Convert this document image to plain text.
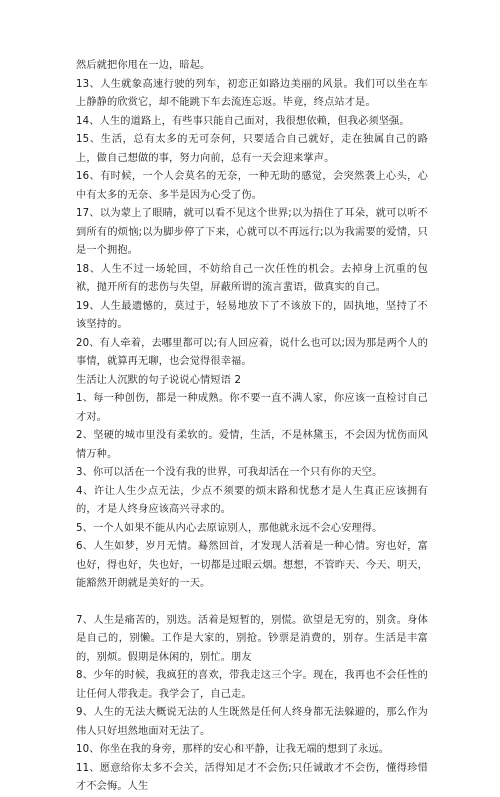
然后就把你甩在一边，暗起。

13、人生就象高速行驶的列车，初恋正如路边美丽的风景。我们可以坐在车上静静的欣赏它，却不能跳下车去流连忘返。毕竟，终点站才是。

14、人生的道路上，有些事只能自己面对，我很想依赖，但我必须坚强。

15、生活，总有太多的无可奈何，只要适合自己就好，走在独属自己的路上，做自己想做的事，努力向前，总有一天会迎来掌声。

16、有时候，一个人会莫名的无奈，一种无助的感觉，会突然袭上心头，心中有太多的无奈、多半是因为心受了伤。

17、以为蒙上了眼睛，就可以看不见这个世界;以为捂住了耳朵，就可以听不到所有的烦恼;以为脚步停了下来，心就可以不再远行;以为我需要的爱情，只是一个拥抱。

18、人生不过一场轮回，不妨给自己一次任性的机会。去掉身上沉重的包袱，抛开所有的悲伤与失望，屏蔽所谓的流言蜚语，做真实的自己。

19、人生最遗憾的，莫过于，轻易地放下了不该放下的，固执地，坚持了不该坚持的。

20、有人牵着，去哪里都可以;有人回应着，说什么也可以;因为那是两个人的事情，就算再无聊，也会觉得很幸福。

生活让人沉默的句子说说心情短语 2

1、每一种创伤，都是一种成熟。你不要一直不满人家，你应该一直检讨自己才对。

2、坚硬的城市里没有柔软的。爱情，生活，不是林黛玉，不会因为忧伤而风情万种。

3、你可以活在一个没有我的世界，可我却活在一个只有你的天空。

4、许让人生少点无法，少点不须要的烦末路和忧愁才是人生真正应该拥有的，才是人终身应该高兴寻求的。

5、一个人如果不能从内心去原谅别人，那他就永远不会心安理得。

6、人生如梦，岁月无情。蓦然回首，才发现人活着是一种心情。穷也好，富也好，得也好，失也好，一切都是过眼云烟。想想，不管昨天、今天、明天，能豁然开朗就是美好的一天。

7、人生是痛苦的，别迭。活着是短暂的，别慌。欲望是无穷的，别贪。身体是自己的，别懒。工作是大家的，别抢。钞票是消费的，别存。生活是丰富的，别烦。假期是休闲的，别忙。朋友

8、少年的时候，我疯狂的喜欢，带我走这三个字。现在，我再也不会任性的让任何人带我走。我学会了，自己走。

9、人生的无法大概说无法的人生既然是任何人终身都无法躲避的，那么作为伟人只好坦然地面对无法了。

10、你坐在我的身旁，那样的安心和平静，让我无端的想到了永远。

11、愿意给你太多不会关，活得知足才不会伤;只任诚敢才不会伤，懂得珍惜才不会悔。人生
